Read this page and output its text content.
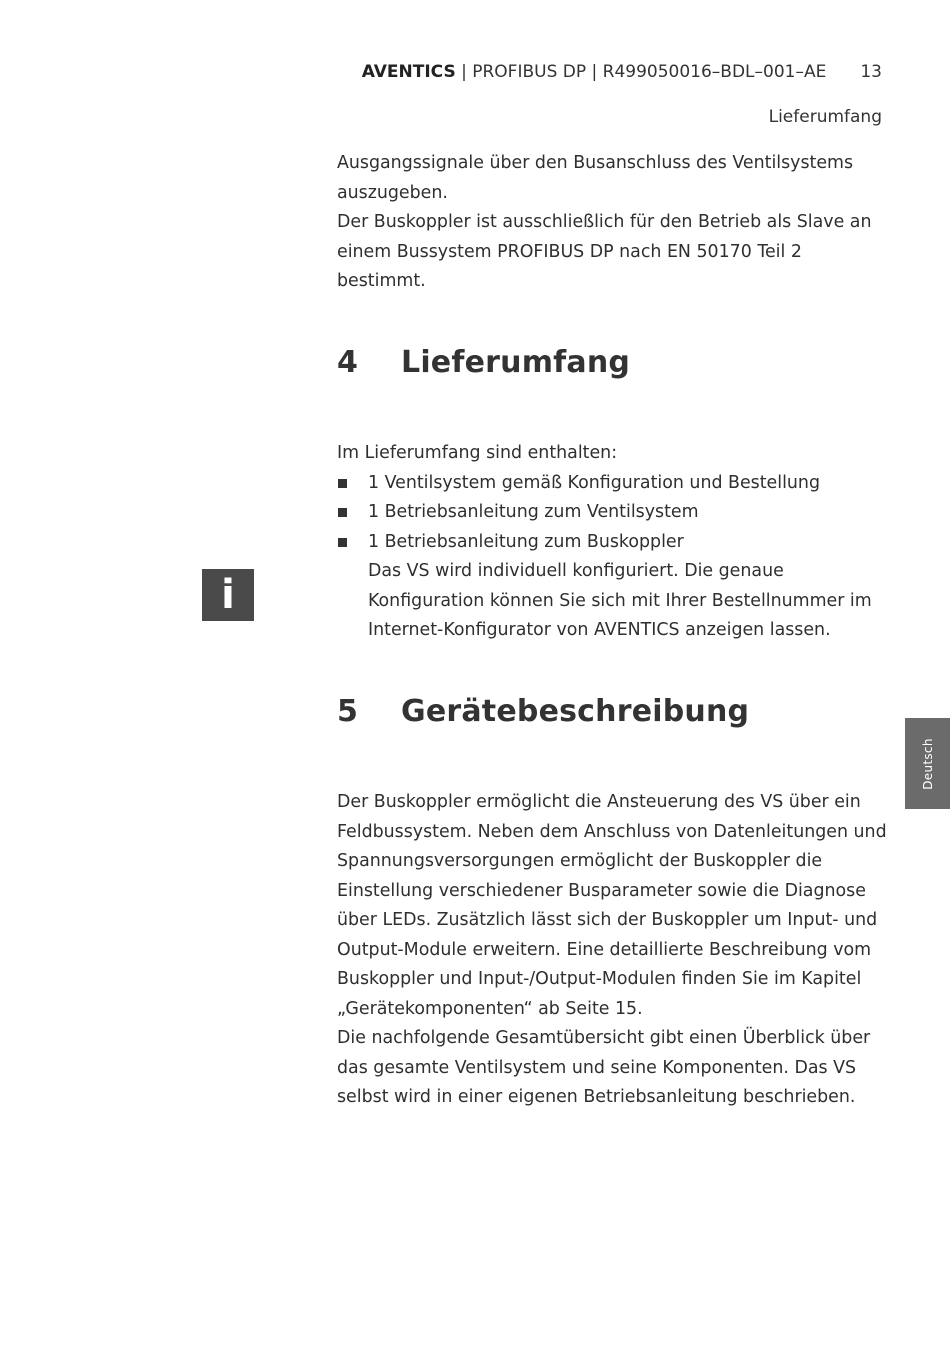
AVENTICS | PROFIBUS DP | R499050016–BDL–001–AE 13
Lieferumfang

Ausgangssignale über den Busanschluss des Ventilsystems auszugeben.

Der Buskoppler ist ausschließlich für den Betrieb als Slave an einem Bussystem PROFIBUS DP nach EN 50170 Teil 2 bestimmt.

4 Lieferumfang

Im Lieferumfang sind enthalten:

1 Ventilsystem gemäß Konfiguration und Bestellung
1 Betriebsanleitung zum Ventilsystem
1 Betriebsanleitung zum Buskoppler

Das VS wird individuell konfiguriert. Die genaue Konfiguration können Sie sich mit Ihrer Bestellnummer im Internet-Konfigurator von AVENTICS anzeigen lassen.

i
5 Gerätebeschreibung

Der Buskoppler ermöglicht die Ansteuerung des VS über ein Feldbussystem. Neben dem Anschluss von Datenleitungen und Spannungsversorgungen ermöglicht der Buskoppler die Einstellung verschiedener Busparameter sowie die Diagnose über LEDs. Zusätzlich lässt sich der Buskoppler um Input- und Output-Module erweitern. Eine detaillierte Beschreibung vom Buskoppler und Input-/Output-Modulen finden Sie im Kapitel „Gerätekomponenten“ ab Seite 15.

Die nachfolgende Gesamtübersicht gibt einen Überblick über das gesamte Ventilsystem und seine Komponenten. Das VS selbst wird in einer eigenen Betriebsanleitung beschrieben.

Deutsch
